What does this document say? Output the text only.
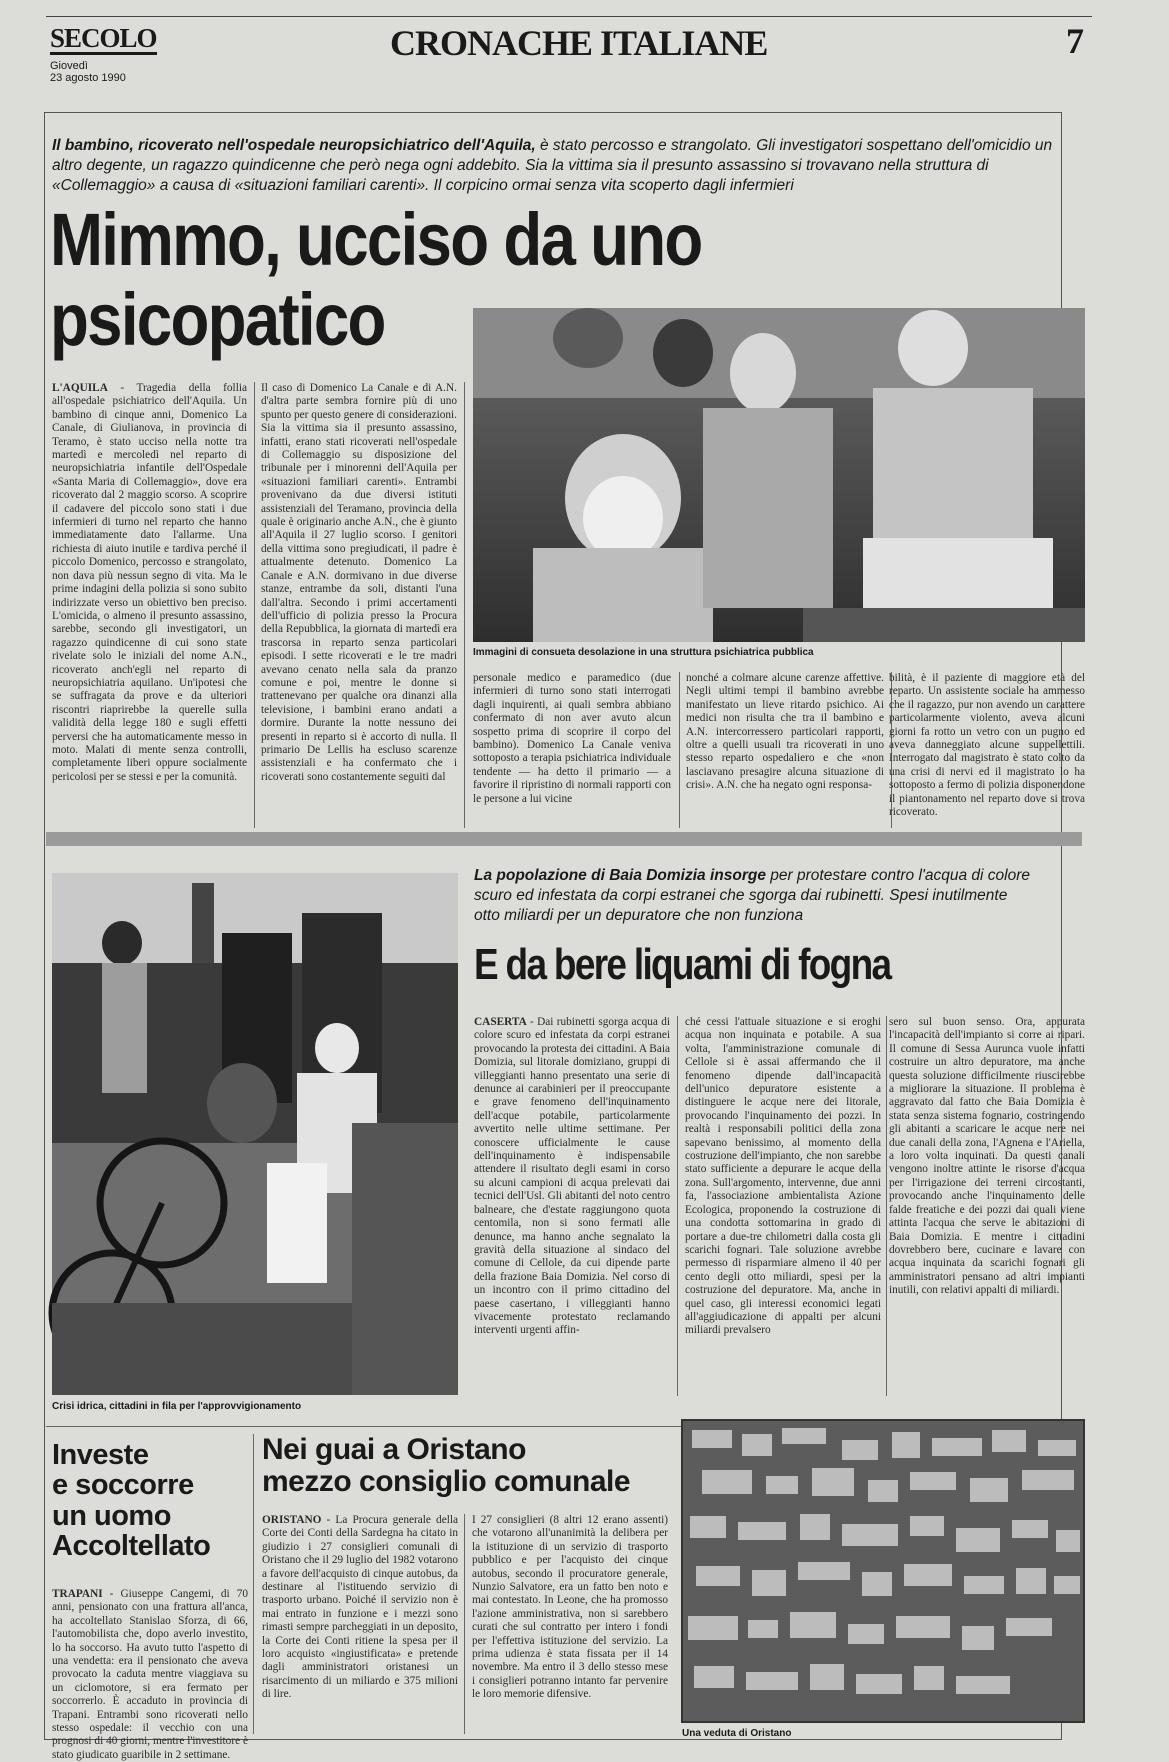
SECOLO
Giovedì
23 agosto 1990
CRONACHE ITALIANE	7
Il bambino, ricoverato nell'ospedale neuropsichiatrico dell'Aquila, è stato percosso e strangolato. Gli investigatori sospettano dell'omicidio un altro degente, un ragazzo quindicenne che però nega ogni addebito. Sia la vittima sia il presunto assassino si trovavano nella struttura di «Collemaggio» a causa di «situazioni familiari carenti». Il corpicino ormai senza vita scoperto dagli infermieri
Mimmo, ucciso da uno psicopatico
Immagini di consueta desolazione in una struttura psichiatrica pubblica
L'AQUILA - Tragedia della follia all'ospedale psichiatrico dell'Aquila. Un bambino di cinque anni, Domenico La Canale, di Giulianova, in provincia di Teramo, è stato ucciso nella notte tra martedì e mercoledì nel reparto di neuropsichiatria infantile dell'Ospedale «Santa Maria di Collemaggio», dove era ricoverato dal 2 maggio scorso. A scoprire il cadavere del piccolo sono stati i due infermieri di turno nel reparto che hanno immediatamente dato l'allarme. Una richiesta di aiuto inutile e tardiva perché il piccolo Domenico, percosso e strangolato, non dava più nessun segno di vita. Ma le prime indagini della polizia si sono subito indirizzate verso un obiettivo ben preciso. L'omicida, o almeno il presunto assassino, sarebbe, secondo gli investigatori, un ragazzo quindicenne di cui sono state rivelate solo le iniziali del nome A.N., ricoverato anch'egli nel reparto di neuropsichiatria aquilano. Un'ipotesi che se suffragata da prove e da ulteriori riscontri riaprirebbe la querelle sulla validità della legge 180 e sugli effetti perversi che ha automaticamente messo in moto. Malati di mente senza controlli, completamente liberi oppure socialmente pericolosi per se stessi e per la comunità.
Il caso di Domenico La Canale e di A.N. d'altra parte sembra fornire più di uno spunto per questo genere di considerazioni. Sia la vittima sia il presunto assassino, infatti, erano stati ricoverati nell'ospedale di Collemaggio su disposizione del tribunale per i minorenni dell'Aquila per «situazioni familiari carenti». Entrambi provenivano da due diversi istituti assistenziali del Teramano, provincia della quale è originario anche A.N., che è giunto all'Aquila il 27 luglio scorso. I genitori della vittima sono pregiudicati, il padre è attualmente detenuto. Domenico La Canale e A.N. dormivano in due diverse stanze, entrambe da soli, distanti l'una dall'altra. Secondo i primi accertamenti dell'ufficio di polizia presso la Procura della Repubblica, la giornata di martedì era trascorsa in reparto senza particolari episodi. I sette ricoverati e le tre madri avevano cenato nella sala da pranzo comune e poi, mentre le donne si trattenevano per qualche ora dinanzi alla televisione, i bambini erano andati a dormire. Durante la notte nessuno dei presenti in reparto si è accorto di nulla. Il primario De Lellis ha escluso scarenze assistenziali e ha confermato che i ricoverati sono costantemente seguiti dal
personale medico e paramedico (due infermieri di turno sono stati interrogati dagli inquirenti, ai quali sembra abbiano confermato di non aver avuto alcun sospetto prima di scoprire il corpo del bambino). Domenico La Canale veniva sottoposto a terapia psichiatrica individuale tendente — ha detto il primario — a favorire il ripristino di normali rapporti con le persone a lui vicine
nonché a colmare alcune carenze affettive. Negli ultimi tempi il bambino avrebbe manifestato un lieve ritardo psichico. Ai medici non risulta che tra il bambino e A.N. intercorressero particolari rapporti, oltre a quelli usuali tra ricoverati in uno stesso reparto ospedaliero e che «non lasciavano presagire alcuna situazione di crisi». A.N. che ha negato ogni responsa-
bilità, è il paziente di maggiore età del reparto. Un assistente sociale ha ammesso che il ragazzo, pur non avendo un carattere particolarmente violento, aveva alcuni giorni fa rotto un vetro con un pugno ed aveva danneggiato alcune suppellettili. Interrogato dal magistrato è stato colto da una crisi di nervi ed il magistrato lo ha sottoposto a fermo di polizia disponendone il piantonamento nel reparto dove si trova ricoverato.
Crisi idrica, cittadini in fila per l'approvvigionamento
La popolazione di Baia Domizia insorge per protestare contro l'acqua di colore scuro ed infestata da corpi estranei che sgorga dai rubinetti. Spesi inutilmente otto miliardi per un depuratore che non funziona
E da bere liquami di fogna
CASERTA - Dai rubinetti sgorga acqua di colore scuro ed infestata da corpi estranei provocando la protesta dei cittadini. A Baia Domizia, sul litorale domiziano, gruppi di villeggianti hanno presentato una serie di denunce ai carabinieri per il preoccupante e grave fenomeno dell'inquinamento dell'acque potabile, particolarmente avvertito nelle ultime settimane. Per conoscere ufficialmente le cause dell'inquinamento è indispensabile attendere il risultato degli esami in corso su alcuni campioni di acqua prelevati dai tecnici dell'Usl. Gli abitanti del noto centro balneare, che d'estate raggiungono quota centomila, non si sono fermati alle denunce, ma hanno anche segnalato la gravità della situazione al sindaco del comune di Cellole, da cui dipende parte della frazione Baia Domizia. Nel corso di un incontro con il primo cittadino del paese casertano, i villeggianti hanno vivacemente protestato reclamando interventi urgenti affin-
ché cessi l'attuale situazione e si eroghi acqua non inquinata e potabile. A sua volta, l'amministrazione comunale di Cellole si è assai affermando che il fenomeno dipende dall'incapacità dell'unico depuratore esistente a distinguere le acque nere dei litorale, provocando l'inquinamento dei pozzi. In realtà i responsabili politici della zona sapevano benissimo, al momento della costruzione dell'impianto, che non sarebbe stato sufficiente a depurare le acque della zona. Sull'argomento, intervenne, due anni fa, l'associazione ambientalista Azione Ecologica, proponendo la costruzione di una condotta sottomarina in grado di portare a due-tre chilometri dalla costa gli scarichi fognari. Tale soluzione avrebbe permesso di risparmiare almeno il 40 per cento degli otto miliardi, spesi per la costruzione del depuratore. Ma, anche in quel caso, gli interessi economici legati all'aggiudicazione di appalti per alcuni miliardi prevalsero
sero sul buon senso. Ora, appurata l'incapacità dell'impianto si corre ai ripari. Il comune di Sessa Aurunca vuole infatti costruire un altro depuratore, ma anche questa soluzione difficilmente riuscirebbe a migliorare la situazione. Il problema è aggravato dal fatto che Baia Domizia è stata senza sistema fognario, costringendo gli abitanti a scaricare le acque nere nei due canali della zona, l'Agnena e l'Ariella, a loro volta inquinati. Da questi canali vengono inoltre attinte le risorse d'acqua per l'irrigazione dei terreni circostanti, provocando anche l'inquinamento delle falde freatiche e dei pozzi dai quali viene attinta l'acqua che serve le abitazioni di Baia Domizia. E mentre i cittadini dovrebbero bere, cucinare e lavare con acqua inquinata da scarichi fognari gli amministratori pensano ad altri impianti inutili, con relativi appalti di miliardi.
Investe
e soccorre
un uomo
Accoltellato
TRAPANI - Giuseppe Cangemi, di 70 anni, pensionato con una frattura all'anca, ha accoltellato Stanislao Sforza, di 66, l'automobilista che, dopo averlo investito, lo ha soccorso. Ha avuto tutto l'aspetto di una vendetta: era il pensionato che aveva provocato la caduta mentre viaggiava su un ciclomotore, si era fermato per soccorrerlo. È accaduto in provincia di Trapani. Entrambi sono ricoverati nello stesso ospedale: il vecchio con una prognosi di 40 giorni, mentre l'investitore è stato giudicato guaribile in 2 settimane.
Nei guai a Oristano
mezzo consiglio comunale
ORISTANO - La Procura generale della Corte dei Conti della Sardegna ha citato in giudizio i 27 consiglieri comunali di Oristano che il 29 luglio del 1982 votarono a favore dell'acquisto di cinque autobus, da destinare al l'istituendo servizio di trasporto urbano. Poiché il servizio non è mai entrato in funzione e i mezzi sono rimasti sempre parcheggiati in un deposito, la Corte dei Conti ritiene la spesa per il loro acquisto «ingiustificata» e pretende dagli amministratori oristanesi un risarcimento di un miliardo e 375 milioni di lire.
I 27 consiglieri (8 altri 12 erano assenti) che votarono all'unanimità la delibera per la istituzione di un servizio di trasporto pubblico e per l'acquisto dei cinque autobus, secondo il procuratore generale, Nunzio Salvatore, era un fatto ben noto e mai contestato. In Leone, che ha promosso l'azione amministrativa, non si sarebbero curati che sul contratto per intero i fondi per l'effettiva istituzione del servizio. La prima udienza è stata fissata per il 14 novembre. Ma entro il 3 dello stesso mese i consiglieri potranno intanto far pervenire le loro memorie difensive.
Una veduta di Oristano
